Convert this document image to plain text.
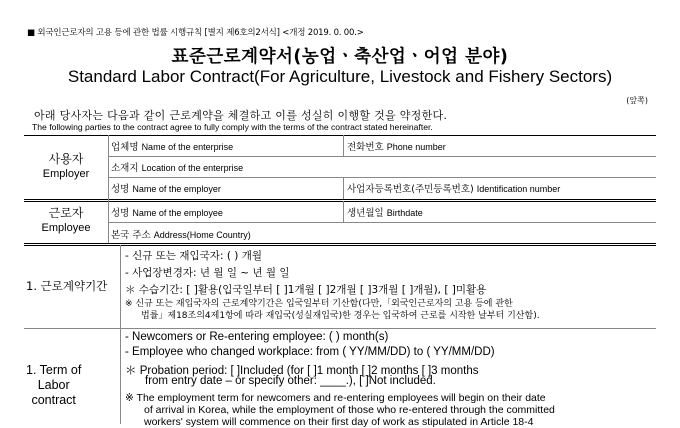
■ 외국인근로자의 고용 등에 관한 법률 시행규칙 [별지 제6호의2서식] <개정 2019. 0. 00.>
표준근로계약서(농업ㆍ축산업ㆍ어업 분야)
Standard Labor Contract(For Agriculture, Livestock and Fishery Sectors)
(앞쪽)
아래 당사자는 다음과 같이 근로계약을 체결하고 이를 성실히 이행할 것을 약정한다.
The following parties to the contract agree to fully comply with the terms of the contract stated hereinafter.
사용자
Employer
업체명 Name of the enterprise	전화번호 Phone number
소재지 Location of the enterprise
성명 Name of the employer	사업자등록번호(주민등록번호) Identification number
근로자
Employee
성명 Name of the employee	생년월일 Birthdate
본국 주소 Address(Home Country)
1. 근로계약기간
- 신규 또는 재입국자: ( ) 개월
- 사업장변경자: 년 월 일 ~ 년 월 일
＊ 수습기간: [ ]활용(입국일부터 [ ]1개월 [ ]2개월 [ ]3개월 [ ]개월), [ ]미활용
※ 신규 또는 재입국자의 근로계약기간은 입국일부터 기산함(다만,「외국인근로자의 고용 등에 관한
법률」제18조의4제1항에 따라 재입국(성실재입국)한 경우는 입국하여 근로를 시작한 날부터 기산함).
1. Term of
Labor
contract
- Newcomers or Re-entering employee: ( ) month(s)
- Employee who changed workplace: from ( YY/MM/DD) to ( YY/MM/DD)
＊ Probation period: [ ]Included (for [ ]1 month [ ]2 months [ ]3 months
from entry date – or specify other: ____.), [ ]Not included.
※ The employment term for newcomers and re-entering employees will begin on their date
of arrival in Korea, while the employment of those who re-entered through the committed
workers' system will commence on their first day of work as stipulated in Article 18-4
